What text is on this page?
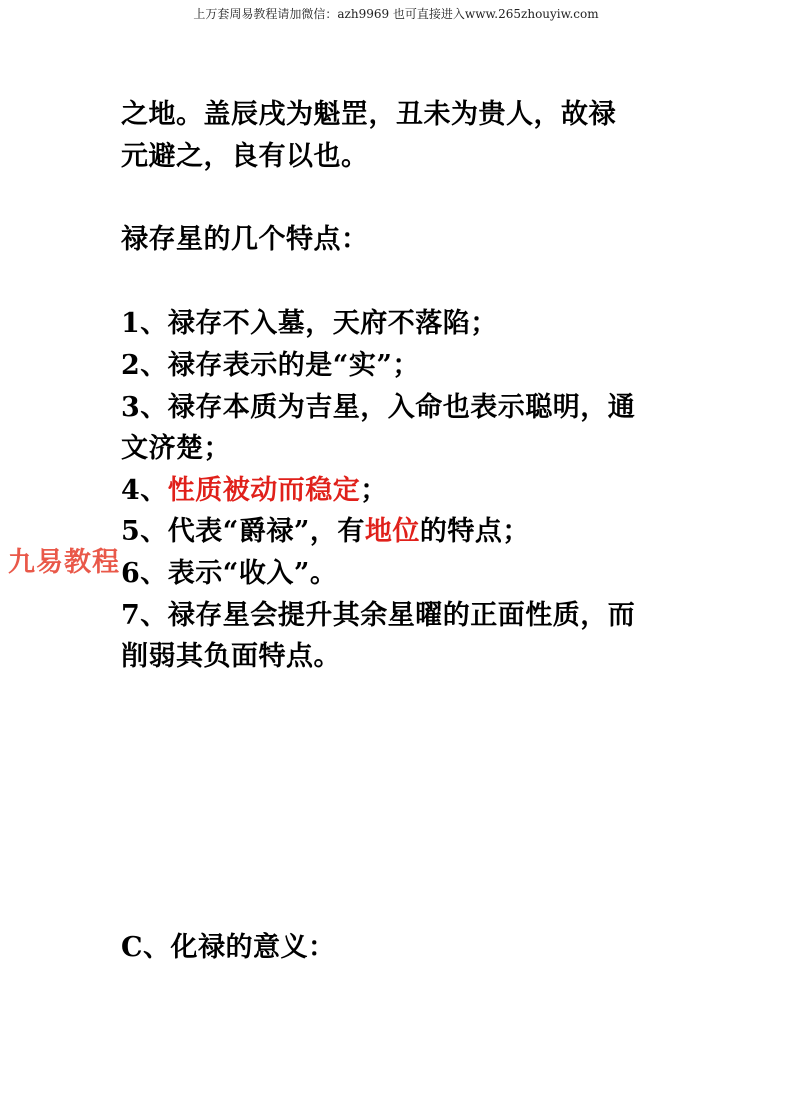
上万套周易教程请加微信：azh9969 也可直接进入www.265zhouyiw.com
之地。盖辰戌为魁罡，丑未为贵人，故禄
元避之，良有以也。
禄存星的几个特点：
1、禄存不入墓，天府不落陷；
2、禄存表示的是“实”；
3、禄存本质为吉星，入命也表示聪明，通
文济楚；
4、性质被动而稳定；
5、代表“爵禄”，有地位的特点；
6、表示“收入”。
7、禄存星会提升其余星曜的正面性质，而
削弱其负面特点。
C、化禄的意义：
九易教程
